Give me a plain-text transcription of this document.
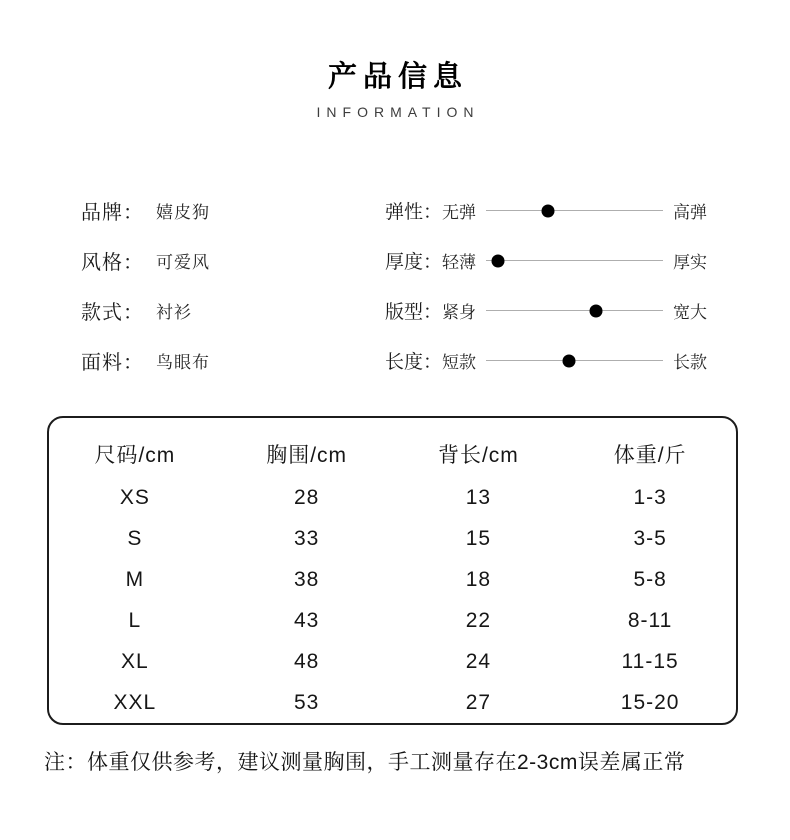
产品信息
INFORMATION
品牌： 嬉皮狗
风格： 可爱风
款式： 衬衫
面料： 鸟眼布
弹性： 无弹	高弹
厚度： 轻薄	厚实
版型： 紧身	宽大
长度： 短款	长款
尺码/cm	胸围/cm	背长/cm	体重/斤
XS	28	13	1-3
S	33	15	3-5
M	38	18	5-8
L	43	22	8-11
XL	48	24	11-15
XXL	53	27	15-20

注：体重仅供参考，建议测量胸围，手工测量存在2-3cm误差属正常
